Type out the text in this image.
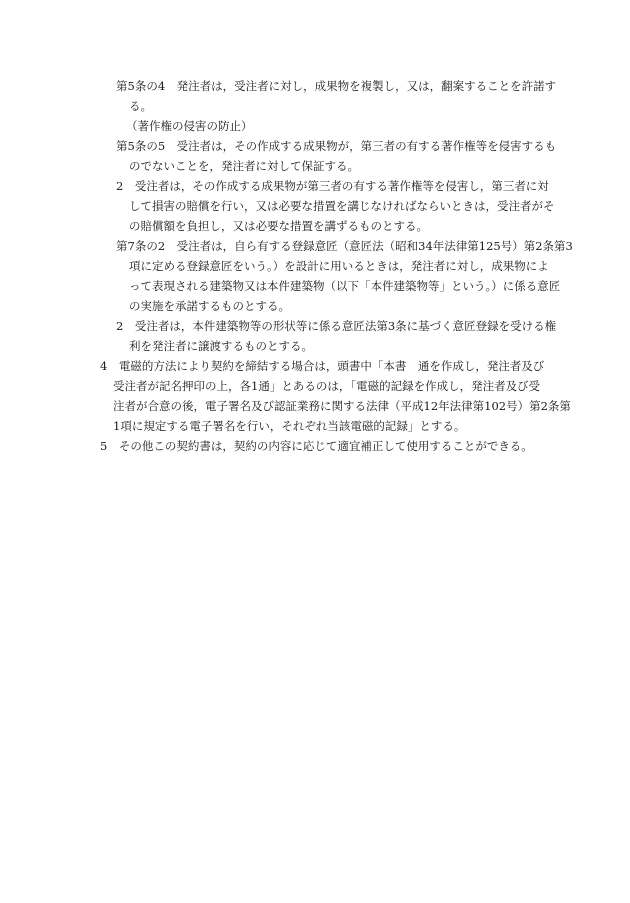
第5条の4　発注者は，受注者に対し，成果物を複製し，又は，翻案することを許諾す
る。
（著作権の侵害の防止）
第5条の5　受注者は，その作成する成果物が，第三者の有する著作権等を侵害するも
のでないことを，発注者に対して保証する。
2　受注者は，その作成する成果物が第三者の有する著作権等を侵害し，第三者に対
して損害の賠償を行い，又は必要な措置を講じなければならいときは，受注者がそ
の賠償額を負担し，又は必要な措置を講ずるものとする。
第7条の2　受注者は，自ら有する登録意匠（意匠法（昭和34年法律第125号）第2条第3
項に定める登録意匠をいう。）を設計に用いるときは，発注者に対し，成果物によ
って表現される建築物又は本件建築物（以下「本件建築物等」という。）に係る意匠
の実施を承諾するものとする。
2　受注者は，本件建築物等の形状等に係る意匠法第3条に基づく意匠登録を受ける権
利を発注者に譲渡するものとする。
4　電磁的方法により契約を締結する場合は，頭書中「本書　通を作成し，発注者及び
受注者が記名押印の上，各1通」とあるのは，「電磁的記録を作成し，発注者及び受
注者が合意の後，電子署名及び認証業務に関する法律（平成12年法律第102号）第2条第
1項に規定する電子署名を行い，それぞれ当該電磁的記録」とする。
5　その他この契約書は，契約の内容に応じて適宜補正して使用することができる。
